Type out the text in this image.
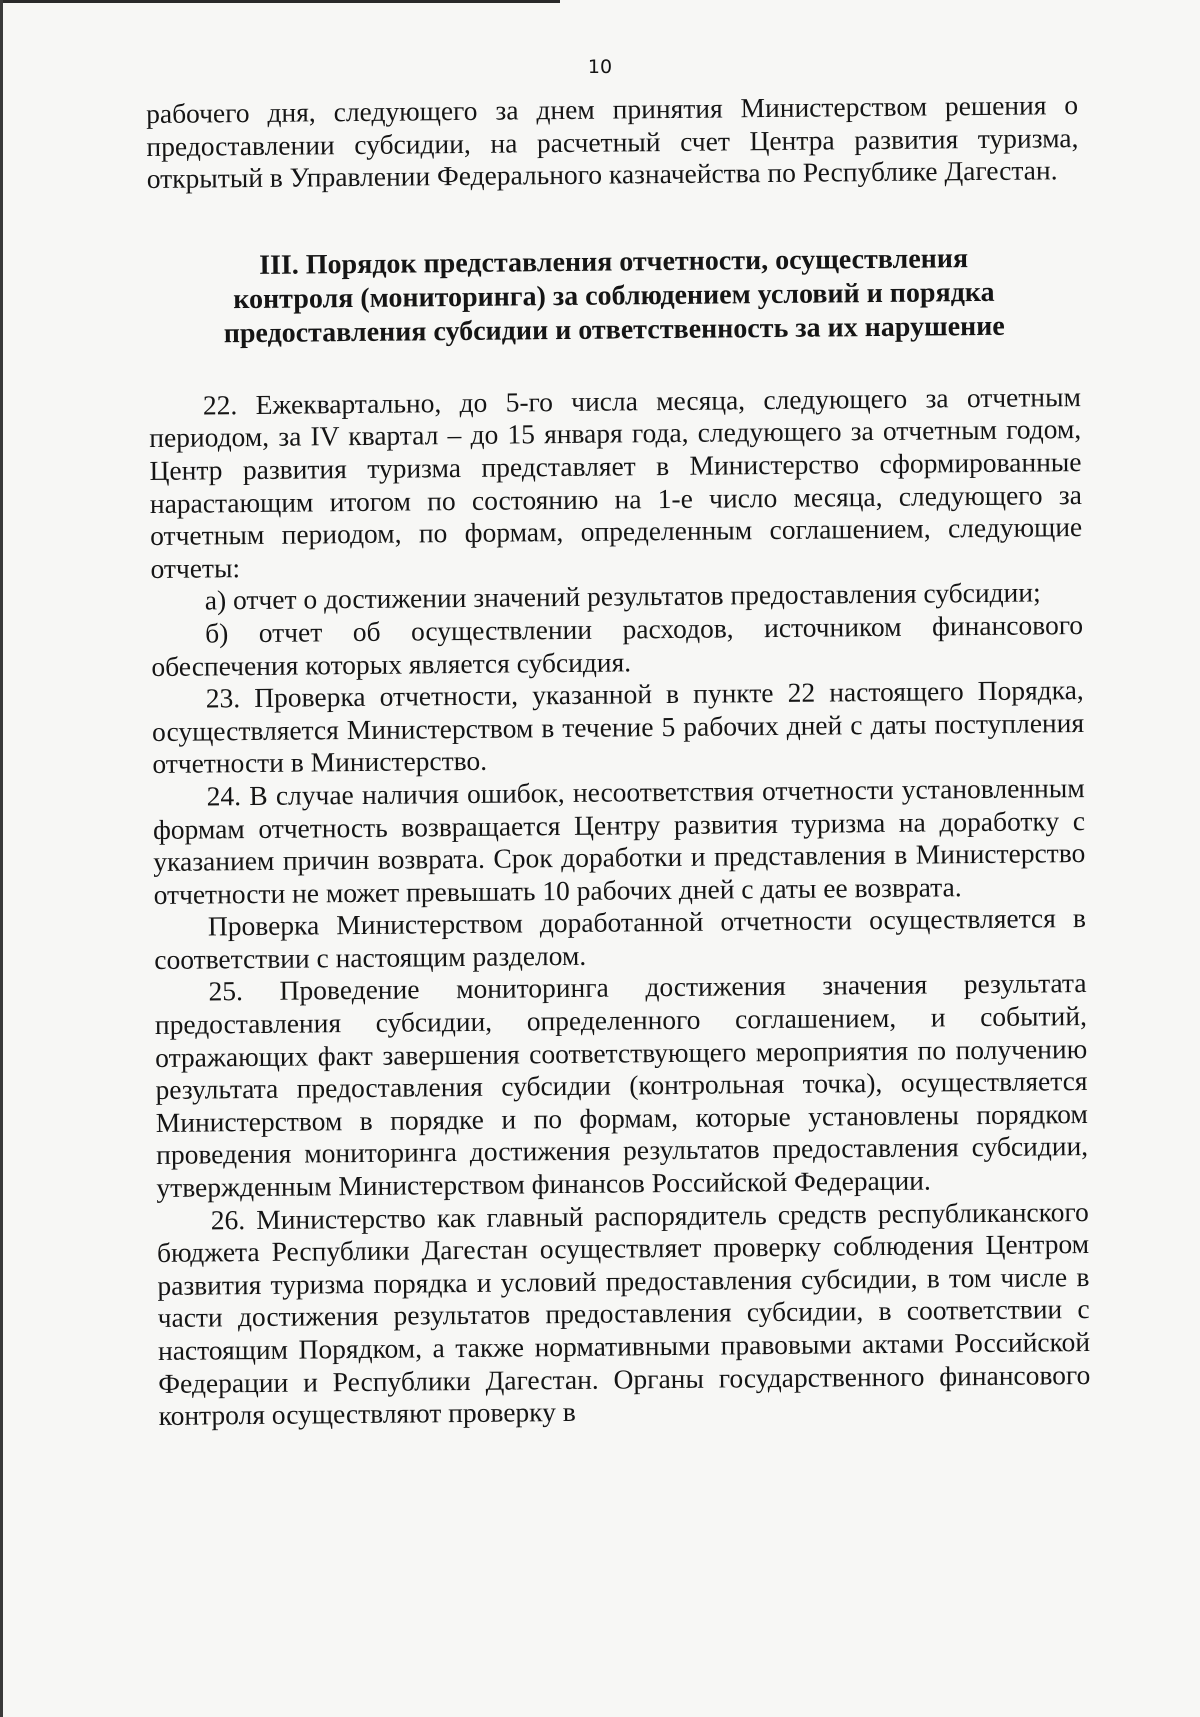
10

рабочего дня, следующего за днем принятия Министерством решения о предоставлении субсидии, на расчетный счет Центра развития туризма, открытый в Управлении Федерального казначейства по Республике Дагестан.

III. Порядок представления отчетности, осуществления
контроля (мониторинга) за соблюдением условий и порядка
предоставления субсидии и ответственность за их нарушение

22. Ежеквартально, до 5-го числа месяца, следующего за отчетным периодом, за IV квартал – до 15 января года, следующего за отчетным годом, Центр развития туризма представляет в Министерство сформированные нарастающим итогом по состоянию на 1-е число месяца, следующего за отчетным периодом, по формам, определенным соглашением, следующие отчеты:

а) отчет о достижении значений результатов предоставления субсидии;

б) отчет об осуществлении расходов, источником финансового обеспечения которых является субсидия.

23. Проверка отчетности, указанной в пункте 22 настоящего Порядка, осуществляется Министерством в течение 5 рабочих дней с даты поступления отчетности в Министерство.

24. В случае наличия ошибок, несоответствия отчетности установленным формам отчетность возвращается Центру развития туризма на доработку с указанием причин возврата. Срок доработки и представления в Министерство отчетности не может превышать 10 рабочих дней с даты ее возврата.

Проверка Министерством доработанной отчетности осуществляется в соответствии с настоящим разделом.

25. Проведение мониторинга достижения значения результата предоставления субсидии, определенного соглашением, и событий, отражающих факт завершения соответствующего мероприятия по получению результата предоставления субсидии (контрольная точка), осуществляется Министерством в порядке и по формам, которые установлены порядком проведения мониторинга достижения результатов предоставления субсидии, утвержденным Министерством финансов Российской Федерации.

26. Министерство как главный распорядитель средств республиканского бюджета Республики Дагестан осуществляет проверку соблюдения Центром развития туризма порядка и условий предоставления субсидии, в том числе в части достижения результатов предоставления субсидии, в соответствии с настоящим Порядком, а также нормативными правовыми актами Российской Федерации и Республики Дагестан. Органы государственного финансового контроля осуществляют проверку в
